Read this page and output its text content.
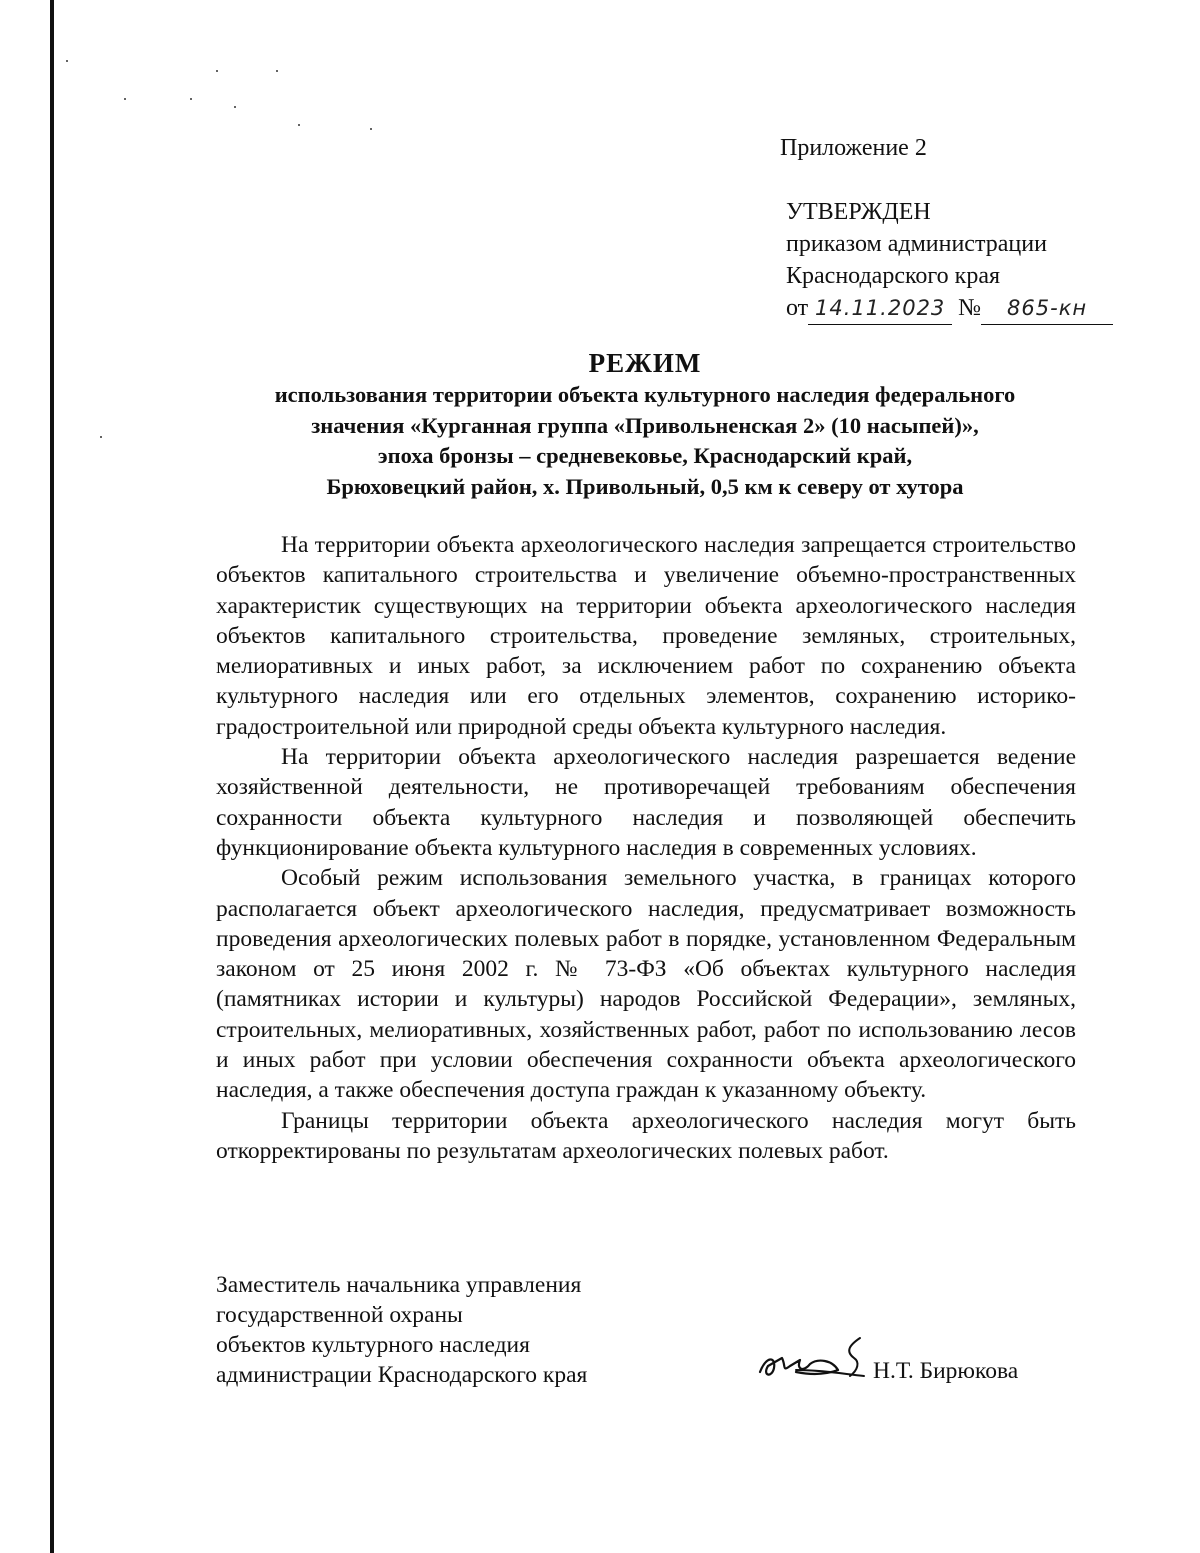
Приложение 2
УТВЕРЖДЕН
приказом администрации
Краснодарского края
от 14.11.2023 № 865-кн
РЕЖИМ
использования территории объекта культурного наследия федерального
значения «Курганная группа «Привольненская 2» (10 насыпей)»,
эпоха бронзы – средневековье, Краснодарский край,
Брюховецкий район, х. Привольный, 0,5 км к северу от хутора

На территории объекта археологического наследия запрещается строительство объектов капитального строительства и увеличение объемно-пространственных характеристик существующих на территории объекта археологического наследия объектов капитального строительства, проведение земляных, строительных, мелиоративных и иных работ, за исключением работ по сохранению объекта культурного наследия или его отдельных элементов, сохранению историко-градостроительной или природной среды объекта культурного наследия.

На территории объекта археологического наследия разрешается ведение хозяйственной деятельности, не противоречащей требованиям обеспечения сохранности объекта культурного наследия и позволяющей обеспечить функционирование объекта культурного наследия в современных условиях.

Особый режим использования земельного участка, в границах которого располагается объект археологического наследия, предусматривает возможность проведения археологических полевых работ в порядке, установленном Федеральным законом от 25 июня 2002 г. № 73-ФЗ «Об объектах культурного наследия (памятниках истории и культуры) народов Российской Федерации», земляных, строительных, мелиоративных, хозяйственных работ, работ по использованию лесов и иных работ при условии обеспечения сохранности объекта археологического наследия, а также обеспечения доступа граждан к указанному объекту.

Границы территории объекта археологического наследия могут быть откорректированы по результатам археологических полевых работ.

Заместитель начальника управления
государственной охраны
объектов культурного наследия
администрации Краснодарского края	Н.Т. Бирюкова
